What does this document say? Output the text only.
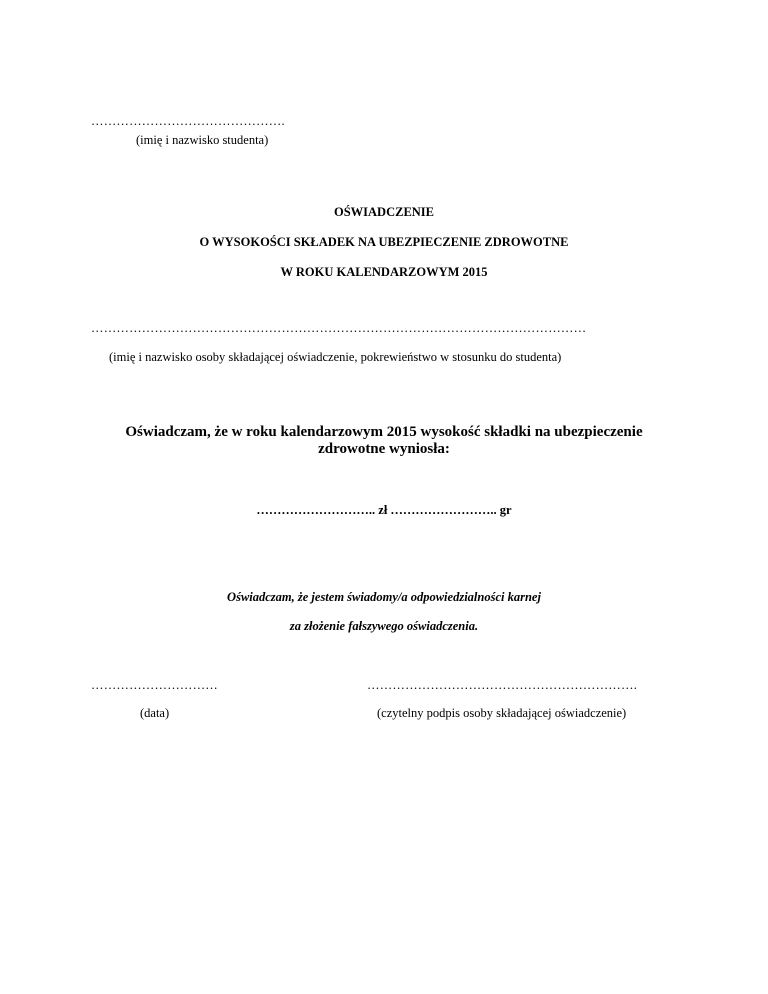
……………………………………….
(imię i nazwisko studenta)
OŚWIADCZENIE
O WYSOKOŚCI SKŁADEK NA UBEZPIECZENIE ZDROWOTNE
W ROKU KALENDARZOWYM 2015
………………………………………………………………………………………………………
(imię i nazwisko osoby składającej oświadczenie, pokrewieństwo w stosunku do studenta)
Oświadczam, że w roku kalendarzowym 2015 wysokość składki na ubezpieczenie
zdrowotne wyniosła:
……………………….. zł …………………….. gr
Oświadczam, że jestem świadomy/a odpowiedzialności karnej
za złożenie fałszywego oświadczenia.
…………………………
(data)
……………………………………………………….
(czytelny podpis osoby składającej oświadczenie)
